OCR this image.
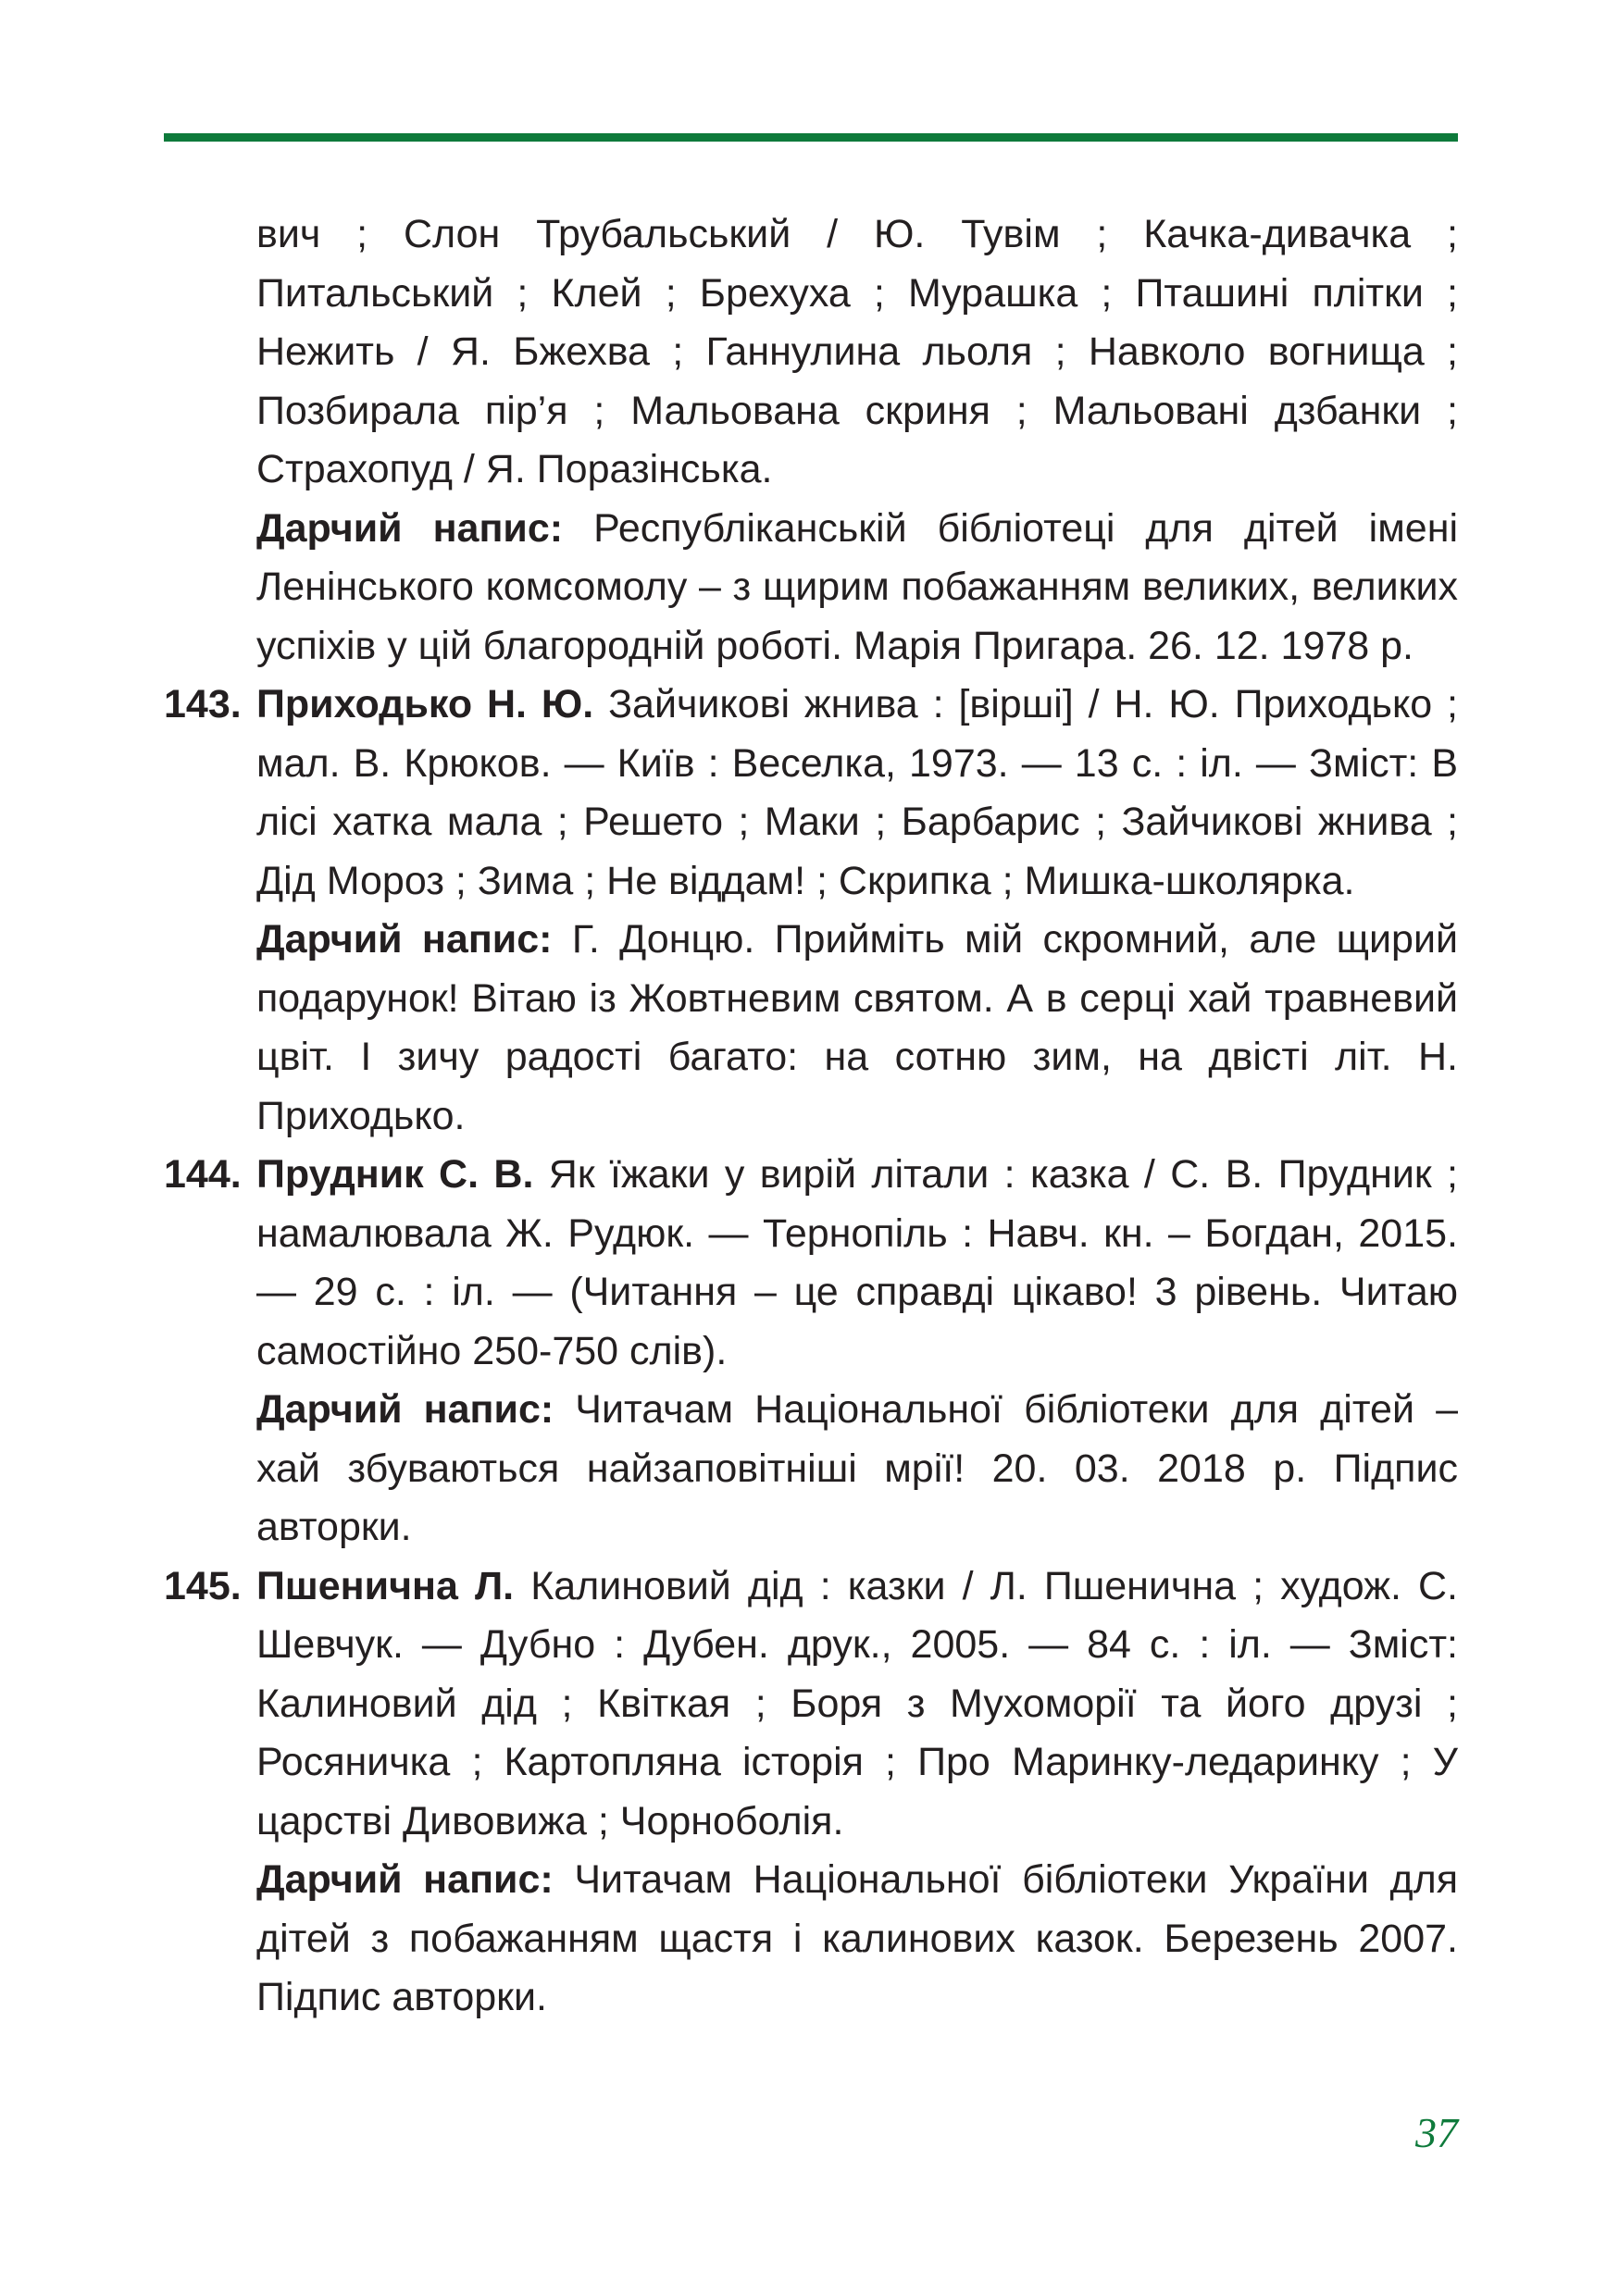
вич ; Слон Трубальський / Ю. Тувім ; Качка-дивачка ; Питальський ; Клей ; Брехуха ; Мурашка ; Пташині плітки ; Нежить / Я. Бжехва ; Ганнулина льоля ; Навколо вогнища ; Позбирала пір’я ; Мальована скриня ; Мальовані дзбанки ; Страхопуд / Я. Поразінська.

Дарчий напис: Республіканській бібліотеці для дітей імені Ленінського комсомолу – з щирим побажанням великих, великих успіхів у цій благородній роботі. Марія Пригара. 26. 12. 1978 р.

143. Приходько Н. Ю. Зайчикові жнива : [вірші] / Н. Ю. Приходько ; мал. В. Крюков. — Київ : Веселка, 1973. — 13 с. : іл. — Зміст: В лісі хатка мала ; Решето ; Маки ; Барбарис ; Зайчикові жнива ; Дід Мороз ; Зима ; Не віддам! ; Скрипка ; Мишка-школярка.

Дарчий напис: Г. Донцю. Прийміть мій скромний, але щирий подарунок! Вітаю із Жовтневим святом. А в серці хай травневий цвіт. І зичу радості багато: на сотню зим, на двісті літ. Н. Приходько.

144. Прудник С. В. Як їжаки у вирій літали : казка / С. В. Прудник ; намалювала Ж. Рудюк. — Тернопіль : Навч. кн. – Богдан, 2015. — 29 с. : іл. — (Читання – це справді цікаво! 3 рівень. Читаю самостійно 250-750 слів).

Дарчий напис: Читачам Національної бібліотеки для дітей – хай збуваються найзаповітніші мрії! 20. 03. 2018 р. Підпис авторки.

145. Пшенична Л. Калиновий дід : казки / Л. Пшенична ; худож. С. Шевчук. — Дубно : Дубен. друк., 2005. — 84 с. : іл. — Зміст: Калиновий дід ; Квіткая ; Боря з Мухоморії та його друзі ; Росяничка ; Картопляна історія ; Про Маринку-ледаринку ; У царстві Дивовижа ; Чорноболія.

Дарчий напис: Читачам Національної бібліотеки України для дітей з побажанням щастя і калинових казок. Березень 2007. Підпис авторки.

37
